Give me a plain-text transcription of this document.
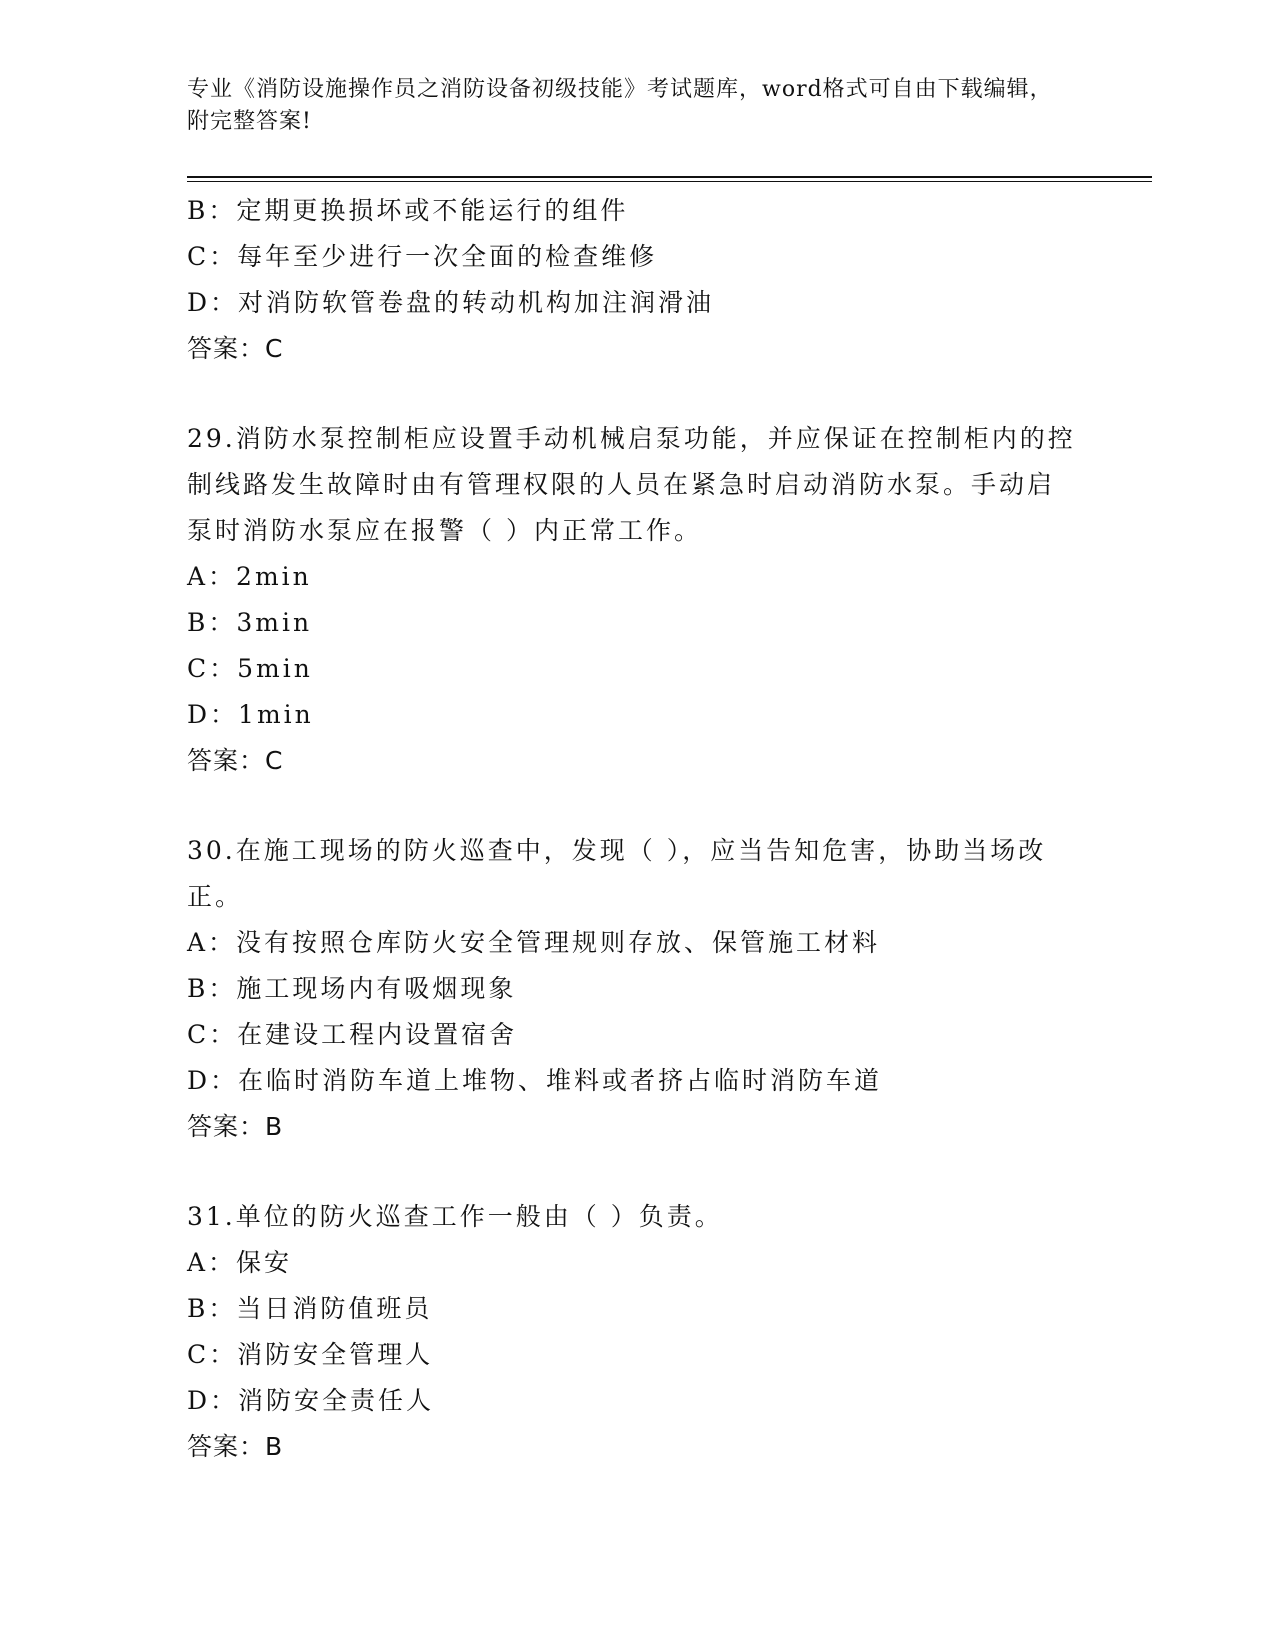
专业《消防设施操作员之消防设备初级技能》考试题库，word格式可自由下载编辑，附完整答案!
B：定期更换损坏或不能运行的组件
C：每年至少进行一次全面的检查维修
D：对消防软管卷盘的转动机构加注润滑油
答案：C
29.消防水泵控制柜应设置手动机械启泵功能，并应保证在控制柜内的控制线路发生故障时由有管理权限的人员在紧急时启动消防水泵。手动启泵时消防水泵应在报警（ ）内正常工作。
A：2min
B：3min
C：5min
D：1min
答案：C
30.在施工现场的防火巡查中，发现（ ），应当告知危害，协助当场改正。
A：没有按照仓库防火安全管理规则存放、保管施工材料
B：施工现场内有吸烟现象
C：在建设工程内设置宿舍
D：在临时消防车道上堆物、堆料或者挤占临时消防车道
答案：B
31.单位的防火巡查工作一般由（ ）负责。
A：保安
B：当日消防值班员
C：消防安全管理人
D：消防安全责任人
答案：B
